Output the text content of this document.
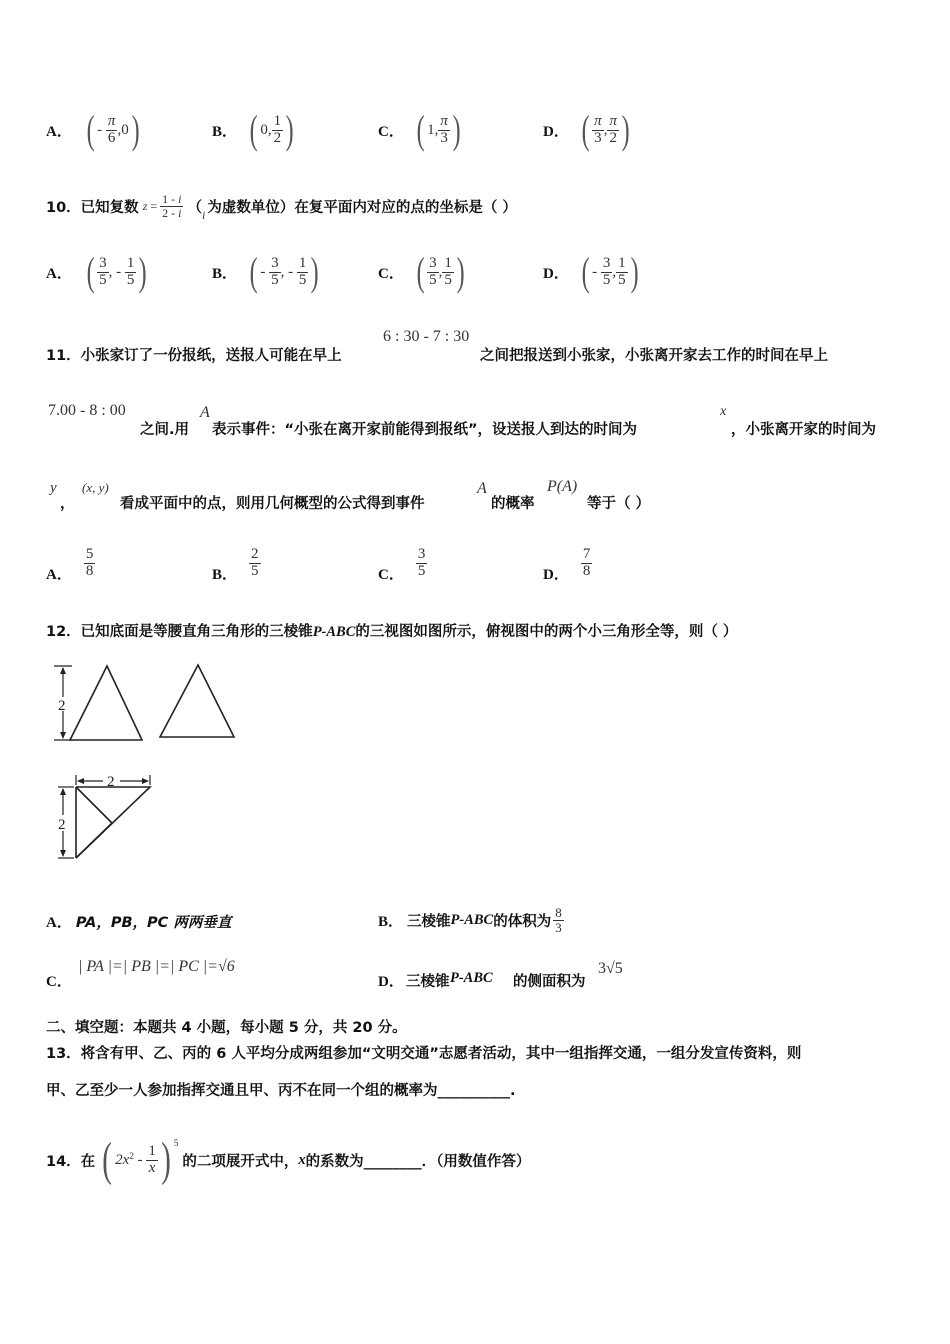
A． ( - $\frac{\pi}{6} ,0$ )	B． ( 0, $\frac{1}{2}$ )	C． ( 1, $\frac{\pi}{3}$ )	D． ( $\frac{\pi}{3}$ , $\frac{\pi}{2}$ )
10．已知复数 $z = \frac{1 - i}{2 - i}$ （ i 为虚数单位）在复平面内对应的点的坐标是（ ）
A． ( $\frac{3}{5}$ , - $\frac{1}{5}$ )	B． ( - $\frac{3}{5}$ , - $\frac{1}{5}$ )	C． ( $\frac{3}{5}$ , $\frac{1}{5}$ )	D． ( - $\frac{3}{5}$ , $\frac{1}{5}$ )
11．小张家订了一份报纸，送报人可能在早上
6 : 30 - 7 : 30
之间把报送到小张家，小张离开家去工作的时间在早上
7.00 - 8 : 00
之间.用
A
表示事件：“小张在离开家前能得到报纸”，设送报人到达的时间为
x
，小张离开家的时间为
y
，
(x, y)
看成平面中的点，则用几何概型的公式得到事件
A
的概率
P(A)
等于（ ）
A． $\frac{5}{8}$	B． $\frac{2}{5}$	C． $\frac{3}{5}$	D． $\frac{7}{8}$
12．已知底面是等腰直角三角形的三棱锥P-ABC的三视图如图所示，俯视图中的两个小三角形全等，则（ ）
2
2
2
A． PA，PB，PC 两两垂直	B． 三棱锥 P-ABC 的体积为 $\frac{8}{3}$
C．
| PA |=| PB |=| PC |=√6
D． 三棱锥 P-ABC 的侧面积为
3√5
二、填空题：本题共 4 小题，每小题 5 分，共 20 分。
13．将含有甲、乙、丙的 6 人平均分成两组参加“文明交通”志愿者活动，其中一组指挥交通，一组分发宣传资料，则
甲、乙至少一人参加指挥交通且甲、丙不在同一个组的概率为__________.
14．在 ( $2x^2 - \frac{1}{x}$ ) $^5$
的二项展开式中， x 的系数为________．（用数值作答）
